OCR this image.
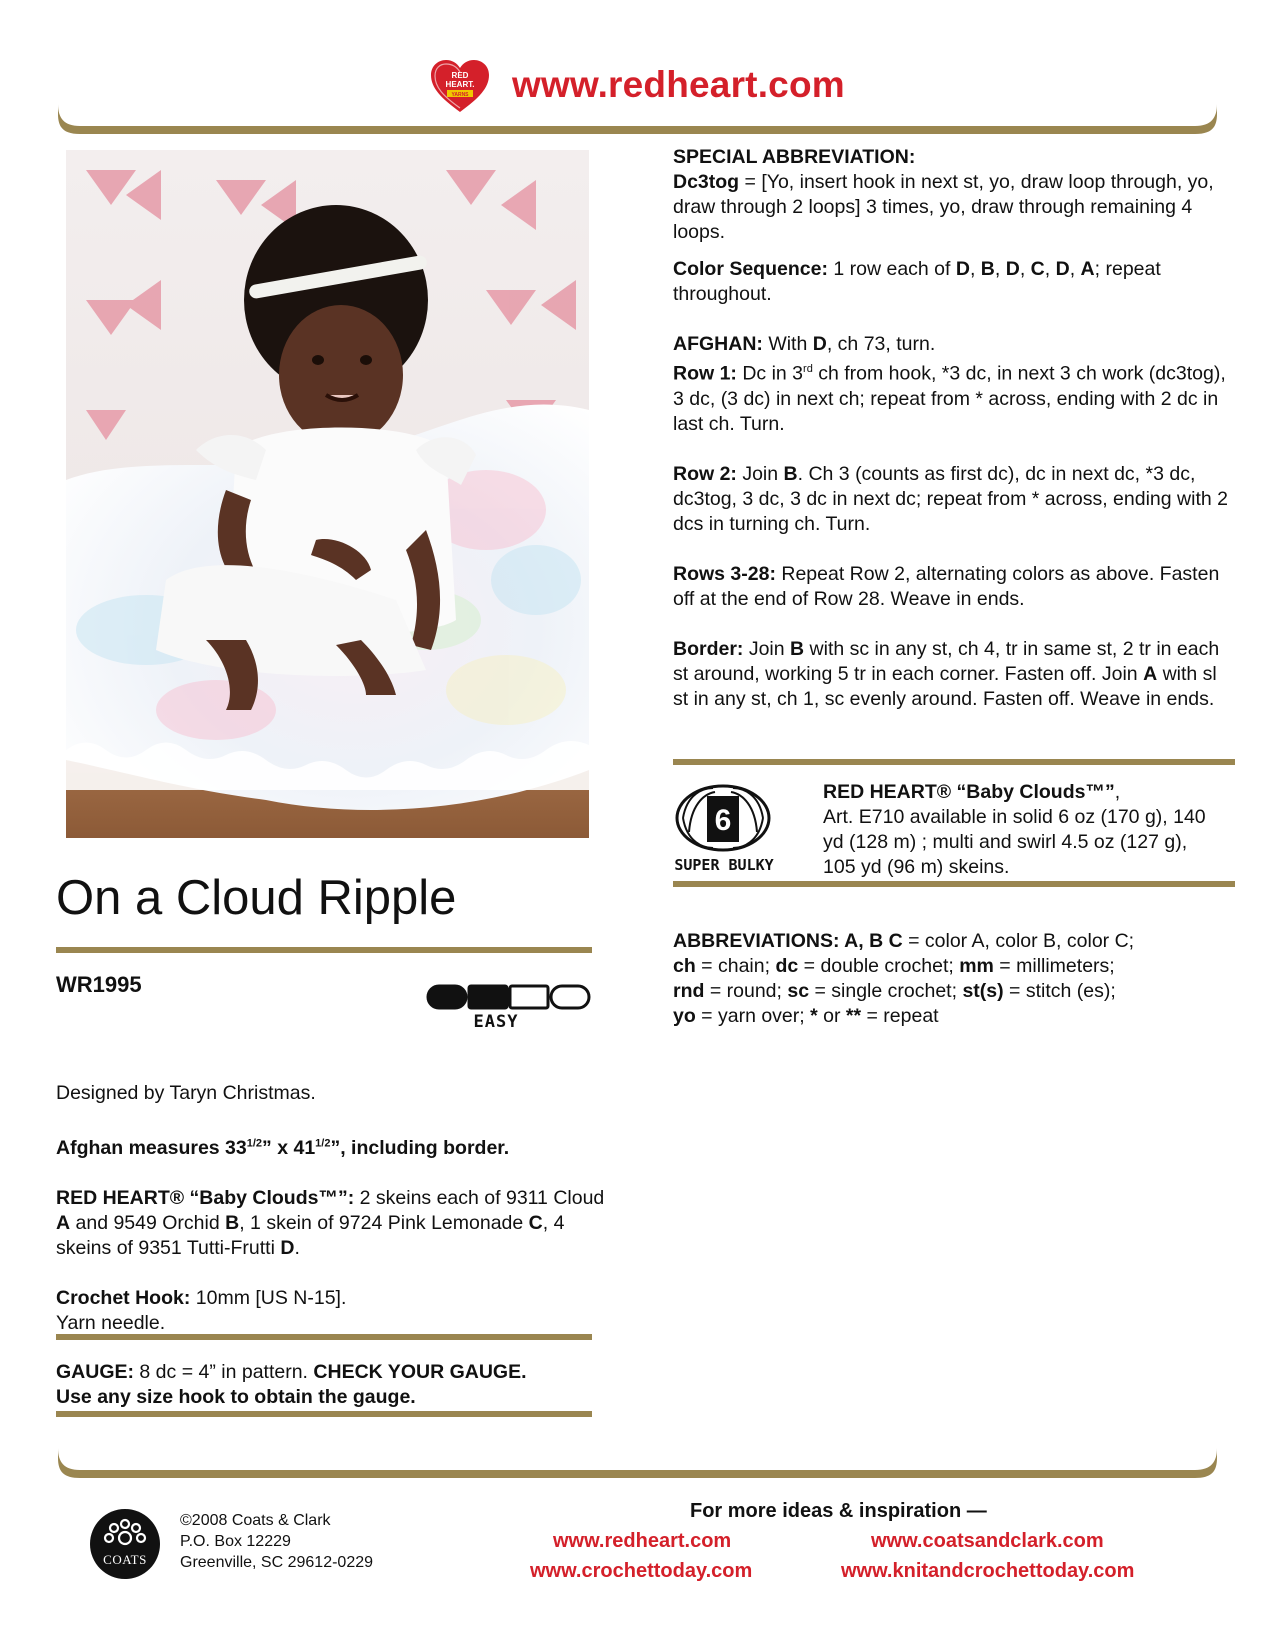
RED
HEART.
YARNS www.redheart.com
On a Cloud Ripple
WR1995
EASY

Designed by Taryn Christmas.

Afghan measures $33^{1/2}$” x $41^{1/2}$”, including border.

RED HEART® “Baby Clouds™”: 2 skeins each of 9311 Cloud A and 9549 Orchid B, 1 skein of 9724 Pink Lemonade C, 4 skeins of 9351 Tutti-Frutti D.

Crochet Hook: 10mm [US N-15].
Yarn needle.

GAUGE: 8 dc = 4” in pattern. CHECK YOUR GAUGE.
Use any size hook to obtain the gauge.

SPECIAL ABBREVIATION:

Dc3tog = [Yo, insert hook in next st, yo, draw loop through, yo, draw through 2 loops] 3 times, yo, draw through remaining 4 loops.

Color Sequence: 1 row each of D, B, D, C, D, A; repeat throughout.

AFGHAN: With D, ch 73, turn.

Row 1: Dc in 3rd ch from hook, *3 dc, in next 3 ch work (dc3tog), 3 dc, (3 dc) in next ch; repeat from * across, ending with 2 dc in last ch. Turn.

Row 2: Join B. Ch 3 (counts as first dc), dc in next dc, *3 dc, dc3tog, 3 dc, 3 dc in next dc; repeat from * across, ending with 2 dcs in turning ch. Turn.

Rows 3-28: Repeat Row 2, alternating colors as above. Fasten off at the end of Row 28. Weave in ends.

Border: Join B with sc in any st, ch 4, tr in same st, 2 tr in each st around, working 5 tr in each corner. Fasten off. Join A with sl st in any st, ch 1, sc evenly around. Fasten off. Weave in ends.

6
SUPER BULKY
RED HEART® “Baby Clouds™”,
Art. E710 available in solid 6 oz (170 g), 140 yd (128 m) ; multi and swirl 4.5 oz (127 g), 105 yd (96 m) skeins.
ABBREVIATIONS: A, B C = color A, color B, color C;
ch = chain; dc = double crochet; mm = millimeters;
rnd = round; sc = single crochet; st(s) = stitch (es);
yo = yarn over; * or ** = repeat
COATS
©2008 Coats & Clark
P.O. Box 12229
Greenville, SC 29612-0229
For more ideas & inspiration —
www.redheart.com	www.coatsandclark.com
www.crochettoday.com	www.knitandcrochettoday.com
